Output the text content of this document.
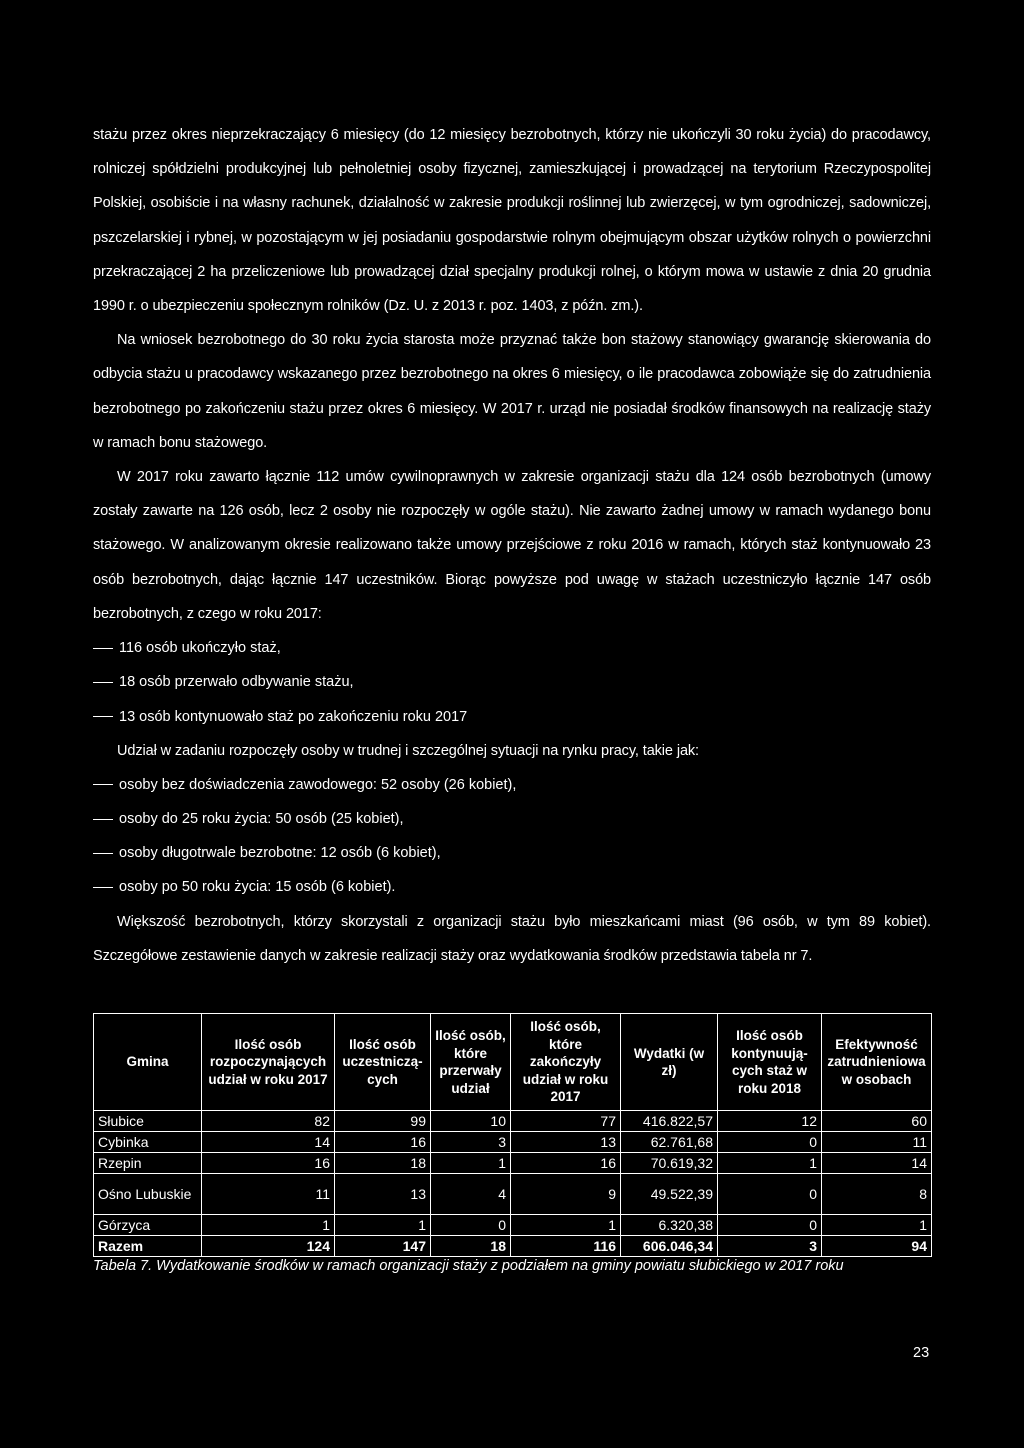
stażu przez okres nieprzekraczający 6 miesięcy (do 12 miesięcy bezrobotnych, którzy nie ukończyli 30 roku życia) do pracodawcy, rolniczej spółdzielni produkcyjnej lub pełnoletniej osoby fizycznej, zamieszkującej i prowadzącej na terytorium Rzeczypospolitej Polskiej, osobiście i na własny rachunek, działalność w zakresie produkcji roślinnej lub zwierzęcej, w tym ogrodniczej, sadowniczej, pszczelarskiej i rybnej, w pozostającym w jej posiadaniu gospodarstwie rolnym obejmującym obszar użytków rolnych o powierzchni przekraczającej 2 ha przeliczeniowe lub prowadzącej dział specjalny produkcji rolnej, o którym mowa w ustawie z dnia 20 grudnia 1990 r. o ubezpieczeniu społecznym rolników (Dz. U. z 2013 r. poz. 1403, z późn. zm.).

Na wniosek bezrobotnego do 30 roku życia starosta może przyznać także bon stażowy stanowiący gwarancję skierowania do odbycia stażu u pracodawcy wskazanego przez bezrobotnego na okres 6 miesięcy, o ile pracodawca zobowiąże się do zatrudnienia bezrobotnego po zakończeniu stażu przez okres 6 miesięcy. W 2017 r. urząd nie posiadał środków finansowych na realizację staży w ramach bonu stażowego.

W 2017 roku zawarto łącznie 112 umów cywilnoprawnych w zakresie organizacji stażu dla 124 osób bezrobotnych (umowy zostały zawarte na 126 osób, lecz 2 osoby nie rozpoczęły w ogóle stażu). Nie zawarto żadnej umowy w ramach wydanego bonu stażowego. W analizowanym okresie realizowano także umowy przejściowe z roku 2016 w ramach, których staż kontynuowało 23 osób bezrobotnych, dając łącznie 147 uczestników. Biorąc powyższe pod uwagę w stażach uczestniczyło łącznie 147 osób bezrobotnych, z czego w roku 2017:

116 osób ukończyło staż,
18 osób przerwało odbywanie stażu,
13 osób kontynuowało staż po zakończeniu roku 2017

Udział w zadaniu rozpoczęły osoby w trudnej i szczególnej sytuacji na rynku pracy, takie jak:

osoby bez doświadczenia zawodowego: 52 osoby (26 kobiet),
osoby do 25 roku życia: 50 osób (25 kobiet),
osoby długotrwale bezrobotne: 12 osób (6 kobiet),
osoby po 50 roku życia: 15 osób (6 kobiet).

Większość bezrobotnych, którzy skorzystali z organizacji stażu było mieszkańcami miast (96 osób, w tym 89 kobiet). Szczegółowe zestawienie danych w zakresie realizacji staży oraz wydatkowania środków przedstawia tabela nr 7.

Gmina	Ilość osób rozpoczynających udział w roku 2017	Ilość osób uczestniczą-cych	Ilość osób, które przerwały udział	Ilość osób, które zakończyły udział w roku 2017	Wydatki (w zł)	Ilość osób kontynuują-cych staż w roku 2018	Efektywność zatrudnieniowa w osobach
Słubice	82	99	10	77	416.822,57	12	60
Cybinka	14	16	3	13	62.761,68	0	11
Rzepin	16	18	1	16	70.619,32	1	14
Ośno Lubuskie	11	13	4	9	49.522,39	0	8
Górzyca	1	1	0	1	6.320,38	0	1
Razem	124	147	18	116	606.046,34	3	94
Tabela 7. Wydatkowanie środków w ramach organizacji staży z podziałem na gminy powiatu słubickiego w 2017 roku
23
